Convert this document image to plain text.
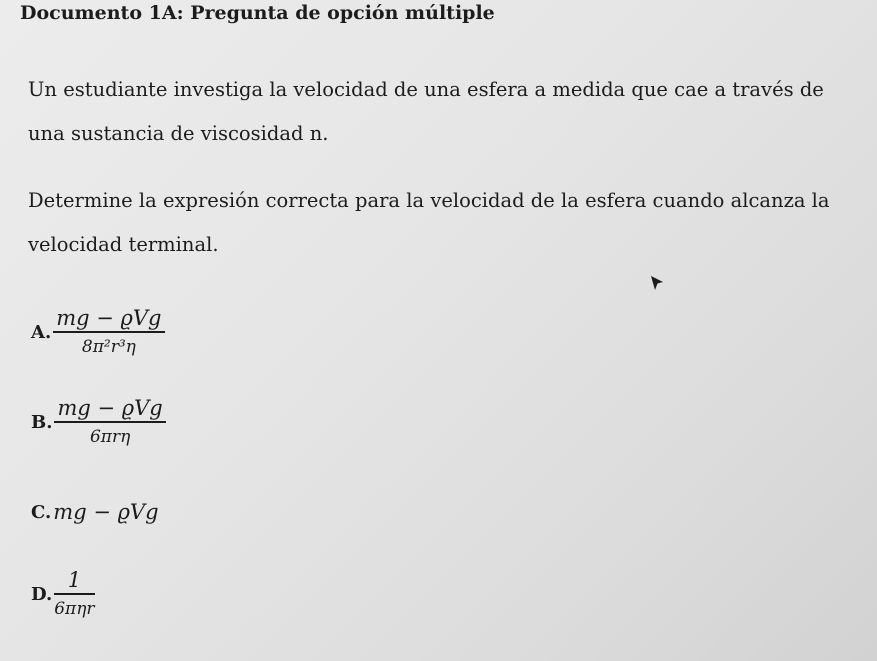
Documento 1A: Pregunta de opción múltiple
Un estudiante investiga la velocidad de una esfera a medida que cae a través de una sustancia de viscosidad n.
Determine la expresión correcta para la velocidad de la esfera cuando alcanza la velocidad terminal.
A. $\frac{\text{mg − ϱVg}}{\text{8π²r³η}}$
B. $\frac{\text{mg − ϱVg}}{\text{6πrη}}$
C. mg − ϱVg
D. $\frac{1}{\text{6πηr}}$
